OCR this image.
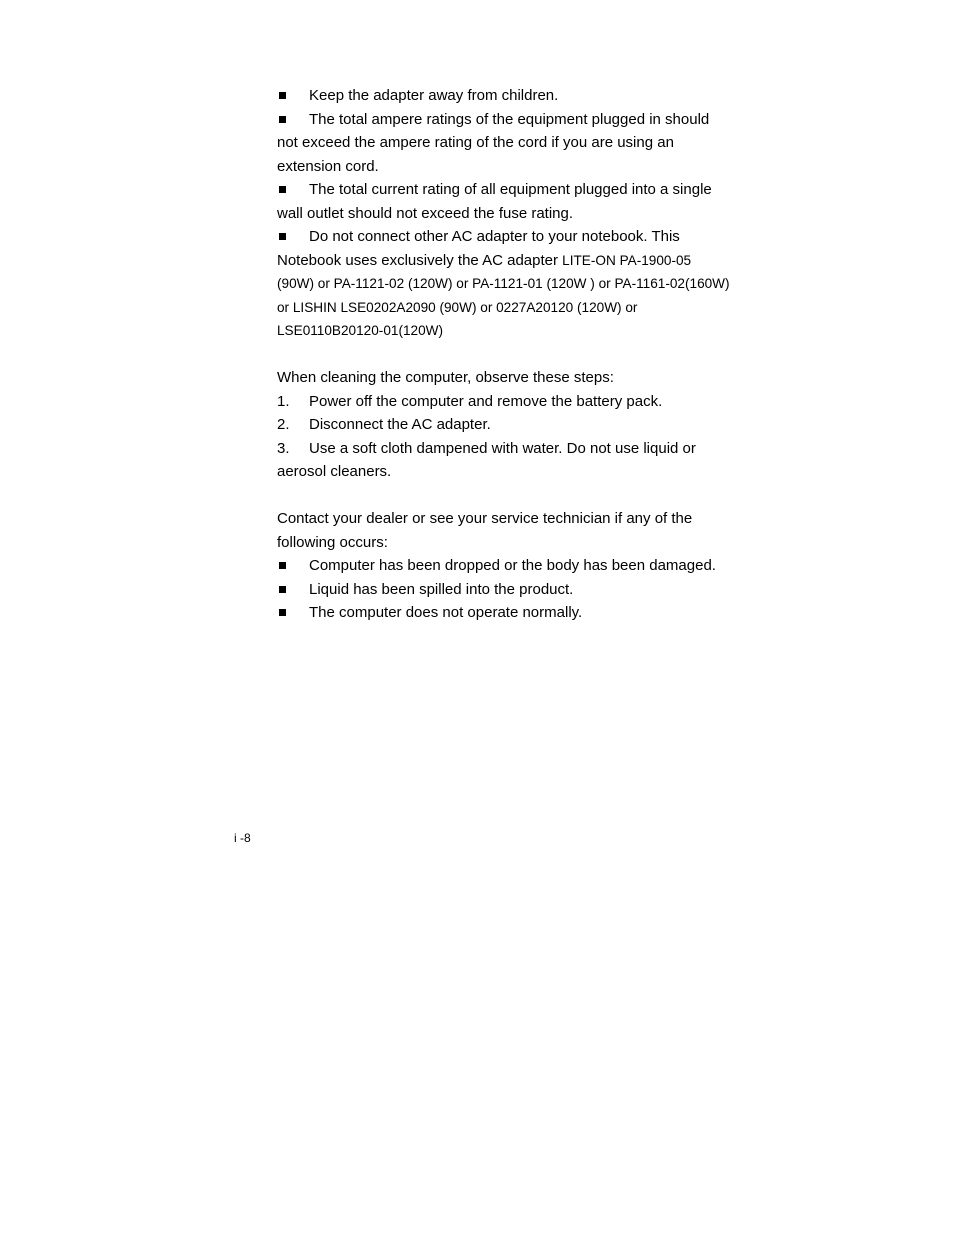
Keep the adapter away from children.
The total ampere ratings of the equipment plugged in should
not exceed the ampere rating of the cord if you are using an
extension cord.
The total current rating of all equipment plugged into a single
wall outlet should not exceed the fuse rating.
Do not connect other AC adapter to your notebook. This
Notebook uses exclusively the AC adapter LITE-ON PA-1900-05
(90W) or PA-1121-02 (120W) or PA-1121-01 (120W ) or PA-1161-02(160W)
or LISHIN LSE0202A2090 (90W) or 0227A20120 (120W) or
LSE0110B20120-01(120W)
When cleaning the computer, observe these steps:
1. Power off the computer and remove the battery pack.
2. Disconnect the AC adapter.
3. Use a soft cloth dampened with water. Do not use liquid or
aerosol cleaners.
Contact your dealer or see your service technician if any of the
following occurs:
Computer has been dropped or the body has been damaged.
Liquid has been spilled into the product.
The computer does not operate normally.
i -8
